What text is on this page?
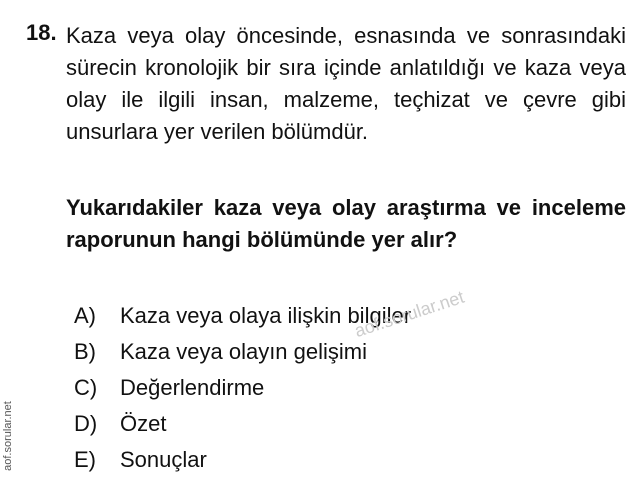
18. Kaza veya olay öncesinde, esnasında ve sonrasındaki sürecin kronolojik bir sıra içinde anlatıldığı ve kaza veya olay ile ilgili insan, malzeme, teçhizat ve çevre gibi unsurlara yer verilen bölümdür.
Yukarıdakiler kaza veya olay araştırma ve inceleme raporunun hangi bölümünde yer alır?
A)	Kaza veya olaya ilişkin bilgiler
B)	Kaza veya olayın gelişimi
C)	Değerlendirme
D)	Özet
E)	Sonuçlar
aof.sorular.net
aof.sorular.net
